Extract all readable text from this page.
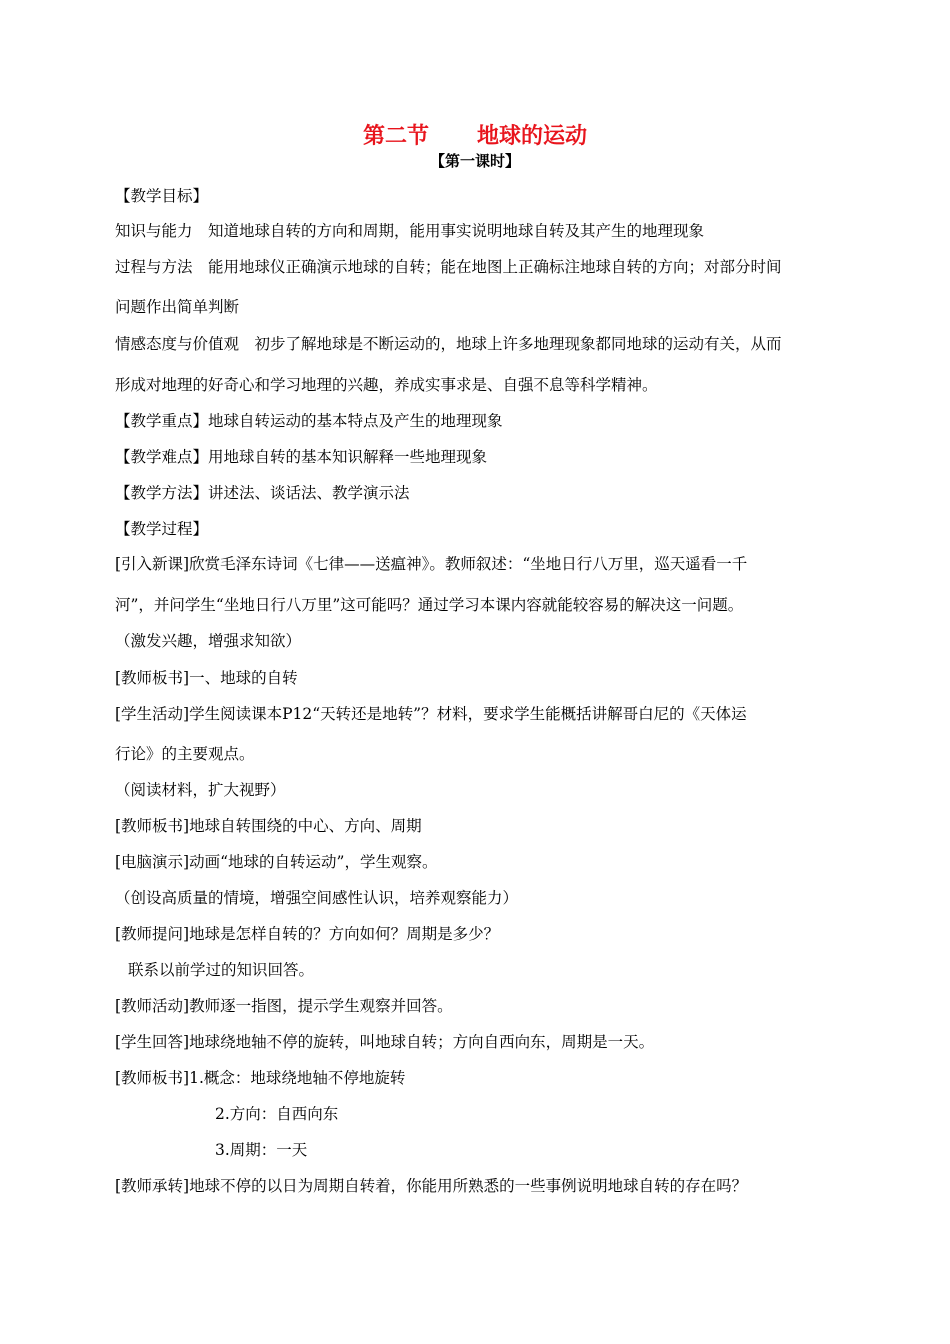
第二节 地球的运动
【第一课时】
【教学目标】
知识与能力　知道地球自转的方向和周期，能用事实说明地球自转及其产生的地理现象
过程与方法　能用地球仪正确演示地球的自转；能在地图上正确标注地球自转的方向；对部分时间
问题作出简单判断
情感态度与价值观　初步了解地球是不断运动的，地球上许多地理现象都同地球的运动有关，从而
形成对地理的好奇心和学习地理的兴趣，养成实事求是、自强不息等科学精神。
【教学重点】地球自转运动的基本特点及产生的地理现象
【教学难点】用地球自转的基本知识解释一些地理现象
【教学方法】讲述法、谈话法、教学演示法
【教学过程】
[引入新课]欣赏毛泽东诗词《七律——送瘟神》。教师叙述：“坐地日行八万里，巡天遥看一千
河”，并问学生“坐地日行八万里”这可能吗？通过学习本课内容就能较容易的解决这一问题。
（激发兴趣，增强求知欲）
[教师板书]一、地球的自转
[学生活动]学生阅读课本P12“天转还是地转”？材料，要求学生能概括讲解哥白尼的《天体运
行论》的主要观点。
（阅读材料，扩大视野）
[教师板书]地球自转围绕的中心、方向、周期
[电脑演示]动画“地球的自转运动”，学生观察。
（创设高质量的情境，增强空间感性认识，培养观察能力）
[教师提问]地球是怎样自转的？方向如何？周期是多少？
联系以前学过的知识回答。
[教师活动]教师逐一指图，提示学生观察并回答。
[学生回答]地球绕地轴不停的旋转，叫地球自转；方向自西向东，周期是一天。
[教师板书]1.概念：地球绕地轴不停地旋转
2.方向：自西向东
3.周期：一天
[教师承转]地球不停的以日为周期自转着，你能用所熟悉的一些事例说明地球自转的存在吗？
